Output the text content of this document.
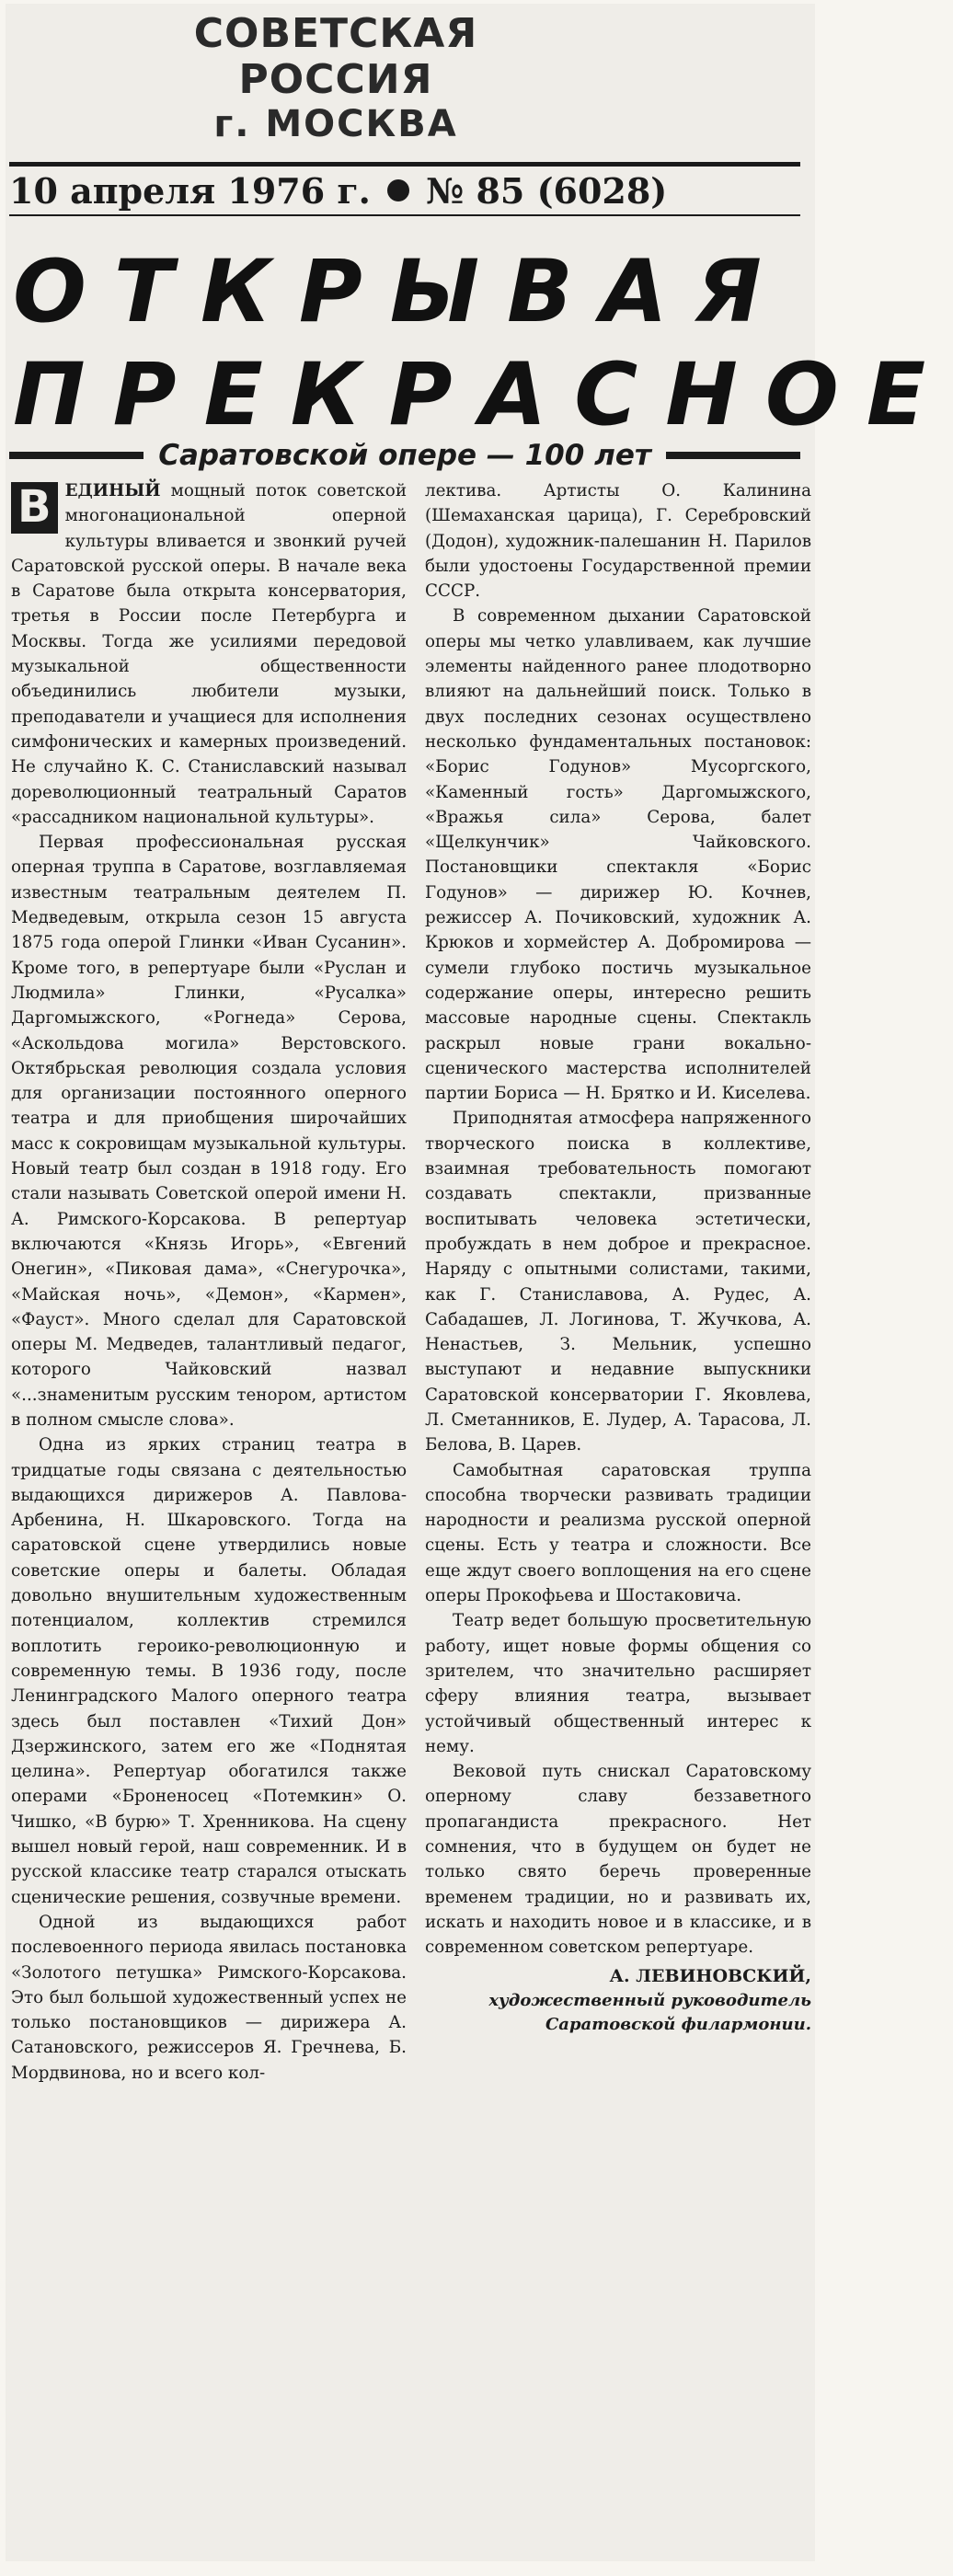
СОВЕТСКАЯ РОССИЯ
г. МОСКВА
10 апреля 1976 г. № 85
(6028)
ОТКРЫВАЯ
ПРЕКРАСНОЕ
Саратовской опере — 100 лет

В ЕДИНЫЙ мощный поток советской многонациональной оперной культуры вливается и звонкий ручей Саратовской русской оперы. В начале века в Саратове была открыта консерватория, третья в России после Петербурга и Москвы. Тогда же усилиями передовой музыкальной общественности объединились любители музыки, преподаватели и учащиеся для исполнения симфонических и камерных произведений. Не случайно К. С. Станиславский называл дореволюционный театральный Саратов «рассадником национальной культуры».

Первая профессиональная русская оперная труппа в Саратове, возглавляемая известным театральным деятелем П. Медведевым, открыла сезон 15 августа 1875 года оперой Глинки «Иван Сусанин». Кроме того, в репертуаре были «Руслан и Людмила» Глинки, «Русалка» Даргомыжского, «Рогнеда» Серова, «Аскольдова могила» Верстовского. Октябрьская революция создала условия для организации постоянного оперного театра и для приобщения широчайших масс к сокровищам музыкальной культуры. Новый театр был создан в 1918 году. Его стали называть Советской оперой имени Н. А. Римского-Корсакова. В репертуар включаются «Князь Игорь», «Евгений Онегин», «Пиковая дама», «Снегурочка», «Майская ночь», «Демон», «Кармен», «Фауст». Много сделал для Саратовской оперы М. Медведев, талантливый педагог, которого Чайковский назвал «...знаменитым русским тенором, артистом в полном смысле слова».

Одна из ярких страниц театра в тридцатые годы связана с деятельностью выдающихся дирижеров А. Павлова-Арбенина, Н. Шкаровского. Тогда на саратовской сцене утвердились новые советские оперы и балеты. Обладая довольно внушительным художественным потенциалом, коллектив стремился воплотить героико-революционную и современную темы. В 1936 году, после Ленинградского Малого оперного театра здесь был поставлен «Тихий Дон» Дзержинского, затем его же «Поднятая целина». Репертуар обогатился также операми «Броненосец «Потемкин» О. Чишко, «В бурю» Т. Хренникова. На сцену вышел новый герой, наш современник. И в русской классике театр старался отыскать сценические решения, созвучные времени.

Одной из выдающихся работ послевоенного периода явилась постановка «Золотого петушка» Римского-Корсакова. Это был большой художественный успех не только постановщиков — дирижера А. Сатановского, режиссеров Я. Гречнева, Б. Мордвинова, но и всего кол-

лектива. Артисты О. Калинина (Шемаханская царица), Г. Серебровский (Додон), художник-палешанин Н. Парилов были удостоены Государственной премии СССР.

В современном дыхании Саратовской оперы мы четко улавливаем, как лучшие элементы найденного ранее плодотворно влияют на дальнейший поиск. Только в двух последних сезонах осуществлено несколько фундаментальных постановок: «Борис Годунов» Мусоргского, «Каменный гость» Даргомыжского, «Вражья сила» Серова, балет «Щелкунчик» Чайковского. Постановщики спектакля «Борис Годунов» — дирижер Ю. Кочнев, режиссер А. Почиковский, художник А. Крюков и хормейстер А. Добромирова — сумели глубоко постичь музыкальное содержание оперы, интересно решить массовые народные сцены. Спектакль раскрыл новые грани вокально-сценического мастерства исполнителей партии Бориса — Н. Брятко и И. Киселева.

Приподнятая атмосфера напряженного творческого поиска в коллективе, взаимная требовательность помогают создавать спектакли, призванные воспитывать человека эстетически, пробуждать в нем доброе и прекрасное. Наряду с опытными солистами, такими, как Г. Станиславова, А. Рудес, А. Сабадашев, Л. Логинова, Т. Жучкова, А. Ненастьев, З. Мельник, успешно выступают и недавние выпускники Саратовской консерватории Г. Яковлева, Л. Сметанников, Е. Лудер, А. Тарасова, Л. Белова, В. Царев.

Самобытная саратовская труппа способна творчески развивать традиции народности и реализма русской оперной сцены. Есть у театра и сложности. Все еще ждут своего воплощения на его сцене оперы Прокофьева и Шостаковича.

Театр ведет большую просветительную работу, ищет новые формы общения со зрителем, что значительно расширяет сферу влияния театра, вызывает устойчивый общественный интерес к нему.

Вековой путь снискал Саратовскому оперному славу беззаветного пропагандиста прекрасного. Нет сомнения, что в будущем он будет не только свято беречь проверенные временем традиции, но и развивать их, искать и находить новое и в классике, и в современном советском репертуаре.

А. ЛЕВИНОВСКИЙ,
художественный руководитель Саратовской филармонии.
